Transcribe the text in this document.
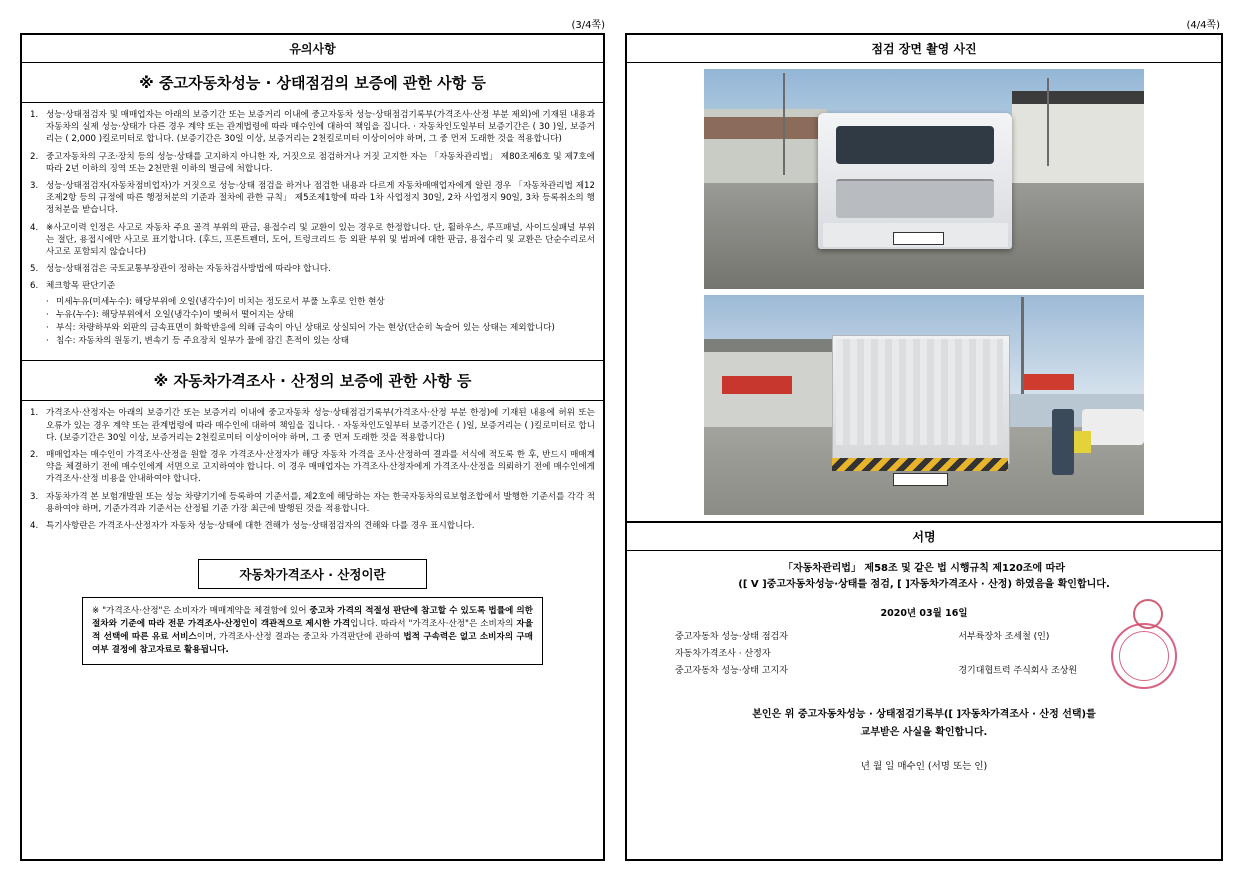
(3/4쪽)
유의사항
※ 중고자동차성능 · 상태점검의 보증에 관한 사항 등
1. 성능·상태점검자 및 매매업자는 아래의 보증기간 또는 보증거리 이내에 중고자동차 성능·상태점검기록부(가격조사·산정 부분 제외)에 기재된 내용과 자동차의 실제 성능·상태가 다른 경우 계약 또는 관계법령에 따라 매수인에 대하여 책임을 집니다. · 자동차인도일부터 보증기간은 ( 30 )일, 보증거리는 ( 2,000 )킬로미터로 합니다. (보증기간은 30일 이상, 보증거리는 2천킬로미터 이상이어야 하며, 그 중 먼저 도래한 것을 적용합니다)
2. 중고자동차의 구조·장치 등의 성능·상태를 고지하지 아니한 자, 거짓으로 점검하거나 거짓 고지한 자는 「자동차관리법」 제80조제6호 및 제7호에 따라 2년 이하의 징역 또는 2천만원 이하의 벌금에 처합니다.
3. 성능·상태점검자(자동차점비업자)가 거짓으로 성능·상태 점검을 하거나 점검한 내용과 다르게 자동차매매업자에게 알린 경우 「자동차관리법 제12조제2항 등의 규정에 따른 행정처분의 기준과 절차에 관한 규칙」 제5조제1항에 따라 1차 사업정지 30일, 2차 사업정지 90일, 3차 등록취소의 행정처분을 받습니다.
4. ※사고이력 인정은 사고로 자동차 주요 골격 부위의 판금, 용접수리 및 교환이 있는 경우로 한정합니다. 단, 휠하우스, 루프패널, 사이드실패널 부위는 절단, 용접시에만 사고로 표기합니다. (후드, 프론트펜더, 도어, 트렁크리드 등 외판 부위 및 범퍼에 대한 판금, 용접수리 및 교환은 단순수리로서 사고로 포함되지 않습니다)
5. 성능·상태점검은 국토교통부장관이 정하는 자동차검사방법에 따라야 합니다.
6. 체크항목 판단기준
· 미세누유(미세누수): 해당부위에 오일(냉각수)이 비치는 정도로서 부풀 노후로 인한 현상
· 누유(누수): 해당부위에서 오일(냉각수)이 맺혀서 떨어지는 상태
· 부식: 차량하부와 외판의 금속표면이 화학반응에 의해 금속이 아닌 상태로 상실되어 가는 현상(단순히 녹슬어 있는 상태는 제외합니다)
· 침수: 자동차의 원동기, 변속기 등 주요장치 일부가 물에 잠긴 흔적이 있는 상태
※ 자동차가격조사 · 산정의 보증에 관한 사항 등
1. 가격조사·산정자는 아래의 보증기간 또는 보증거리 이내에 중고자동차 성능·상태점검기록부(가격조사·산정 부분 한정)에 기재된 내용에 허위 또는 오류가 있는 경우 계약 또는 관계법령에 따라 매수인에 대하여 책임을 집니다. · 자동차인도일부터 보증기간은 ( )일, 보증거리는 ( )킬로미터로 합니다. (보증기간은 30일 이상, 보증거리는 2천킬로미터 이상이어야 하며, 그 중 먼저 도래한 것을 적용합니다)
2. 매매업자는 매수인이 가격조사·산정을 원할 경우 가격조사·산정자가 해당 자동차 가격을 조사·산정하여 결과를 서식에 적도록 한 후, 반드시 매매계약을 체결하기 전에 매수인에게 서면으로 고지하여야 합니다. 이 경우 매매업자는 가격조사·산정자에게 가격조사·산정을 의뢰하기 전에 매수인에게 가격조사·산정 비용을 안내하여야 합니다.
3. 자동차가격 본 보험개발원 또는 성능 차량기기에 등록하여 기준서를, 제2호에 해당하는 자는 한국자동차의료보험조합에서 발행한 기준서를 각각 적용하여야 하며, 기준가격과 기준서는 산정될 기준 가장 최근에 발행된 것을 적용합니다.
4. 특기사항란은 가격조사·산정자가 자동차 성능·상태에 대한 견해가 성능·상태점검자의 견해와 다를 경우 표시합니다.
자동차가격조사 · 산정이란
※ "가격조사·산정"은 소비자가 매매계약을 체결함에 있어 중고차 가격의 적절성 판단에 참고할 수 있도록 법률에 의한 절차와 기준에 따라 전문 가격조사·산정인이 객관적으로 제시한 가격입니다. 따라서 "가격조사·산정"은 소비자의 자율적 선택에 따른 유료 서비스이며, 가격조사·산정 결과는 중고차 가격판단에 관하여 법적 구속력은 없고 소비자의 구매여부 결정에 참고자료로 활용됩니다.
(4/4쪽)
점검 장면 촬영 사진
서명
「자동차관리법」 제58조 및 같은 법 시행규칙 제120조에 따라
([ V ]중고자동차성능·상태를 점검, [ ]자동차가격조사 · 산정) 하였음을 확인합니다.
2020년 03월 16일
중고자동차 성능·상태 점검자	서부륙장차 조세철 (인)
자동차가격조사 · 산정자
중고자동차 성능·상태 고지자	경기대협트럭 주식회사 조상원
본인은 위 중고자동차성능 · 상태점검기록부([ ]자동차가격조사 · 산정 선택)를
교부받은 사실을 확인합니다.
년 월 일 매수인 (서명 또는 인)
